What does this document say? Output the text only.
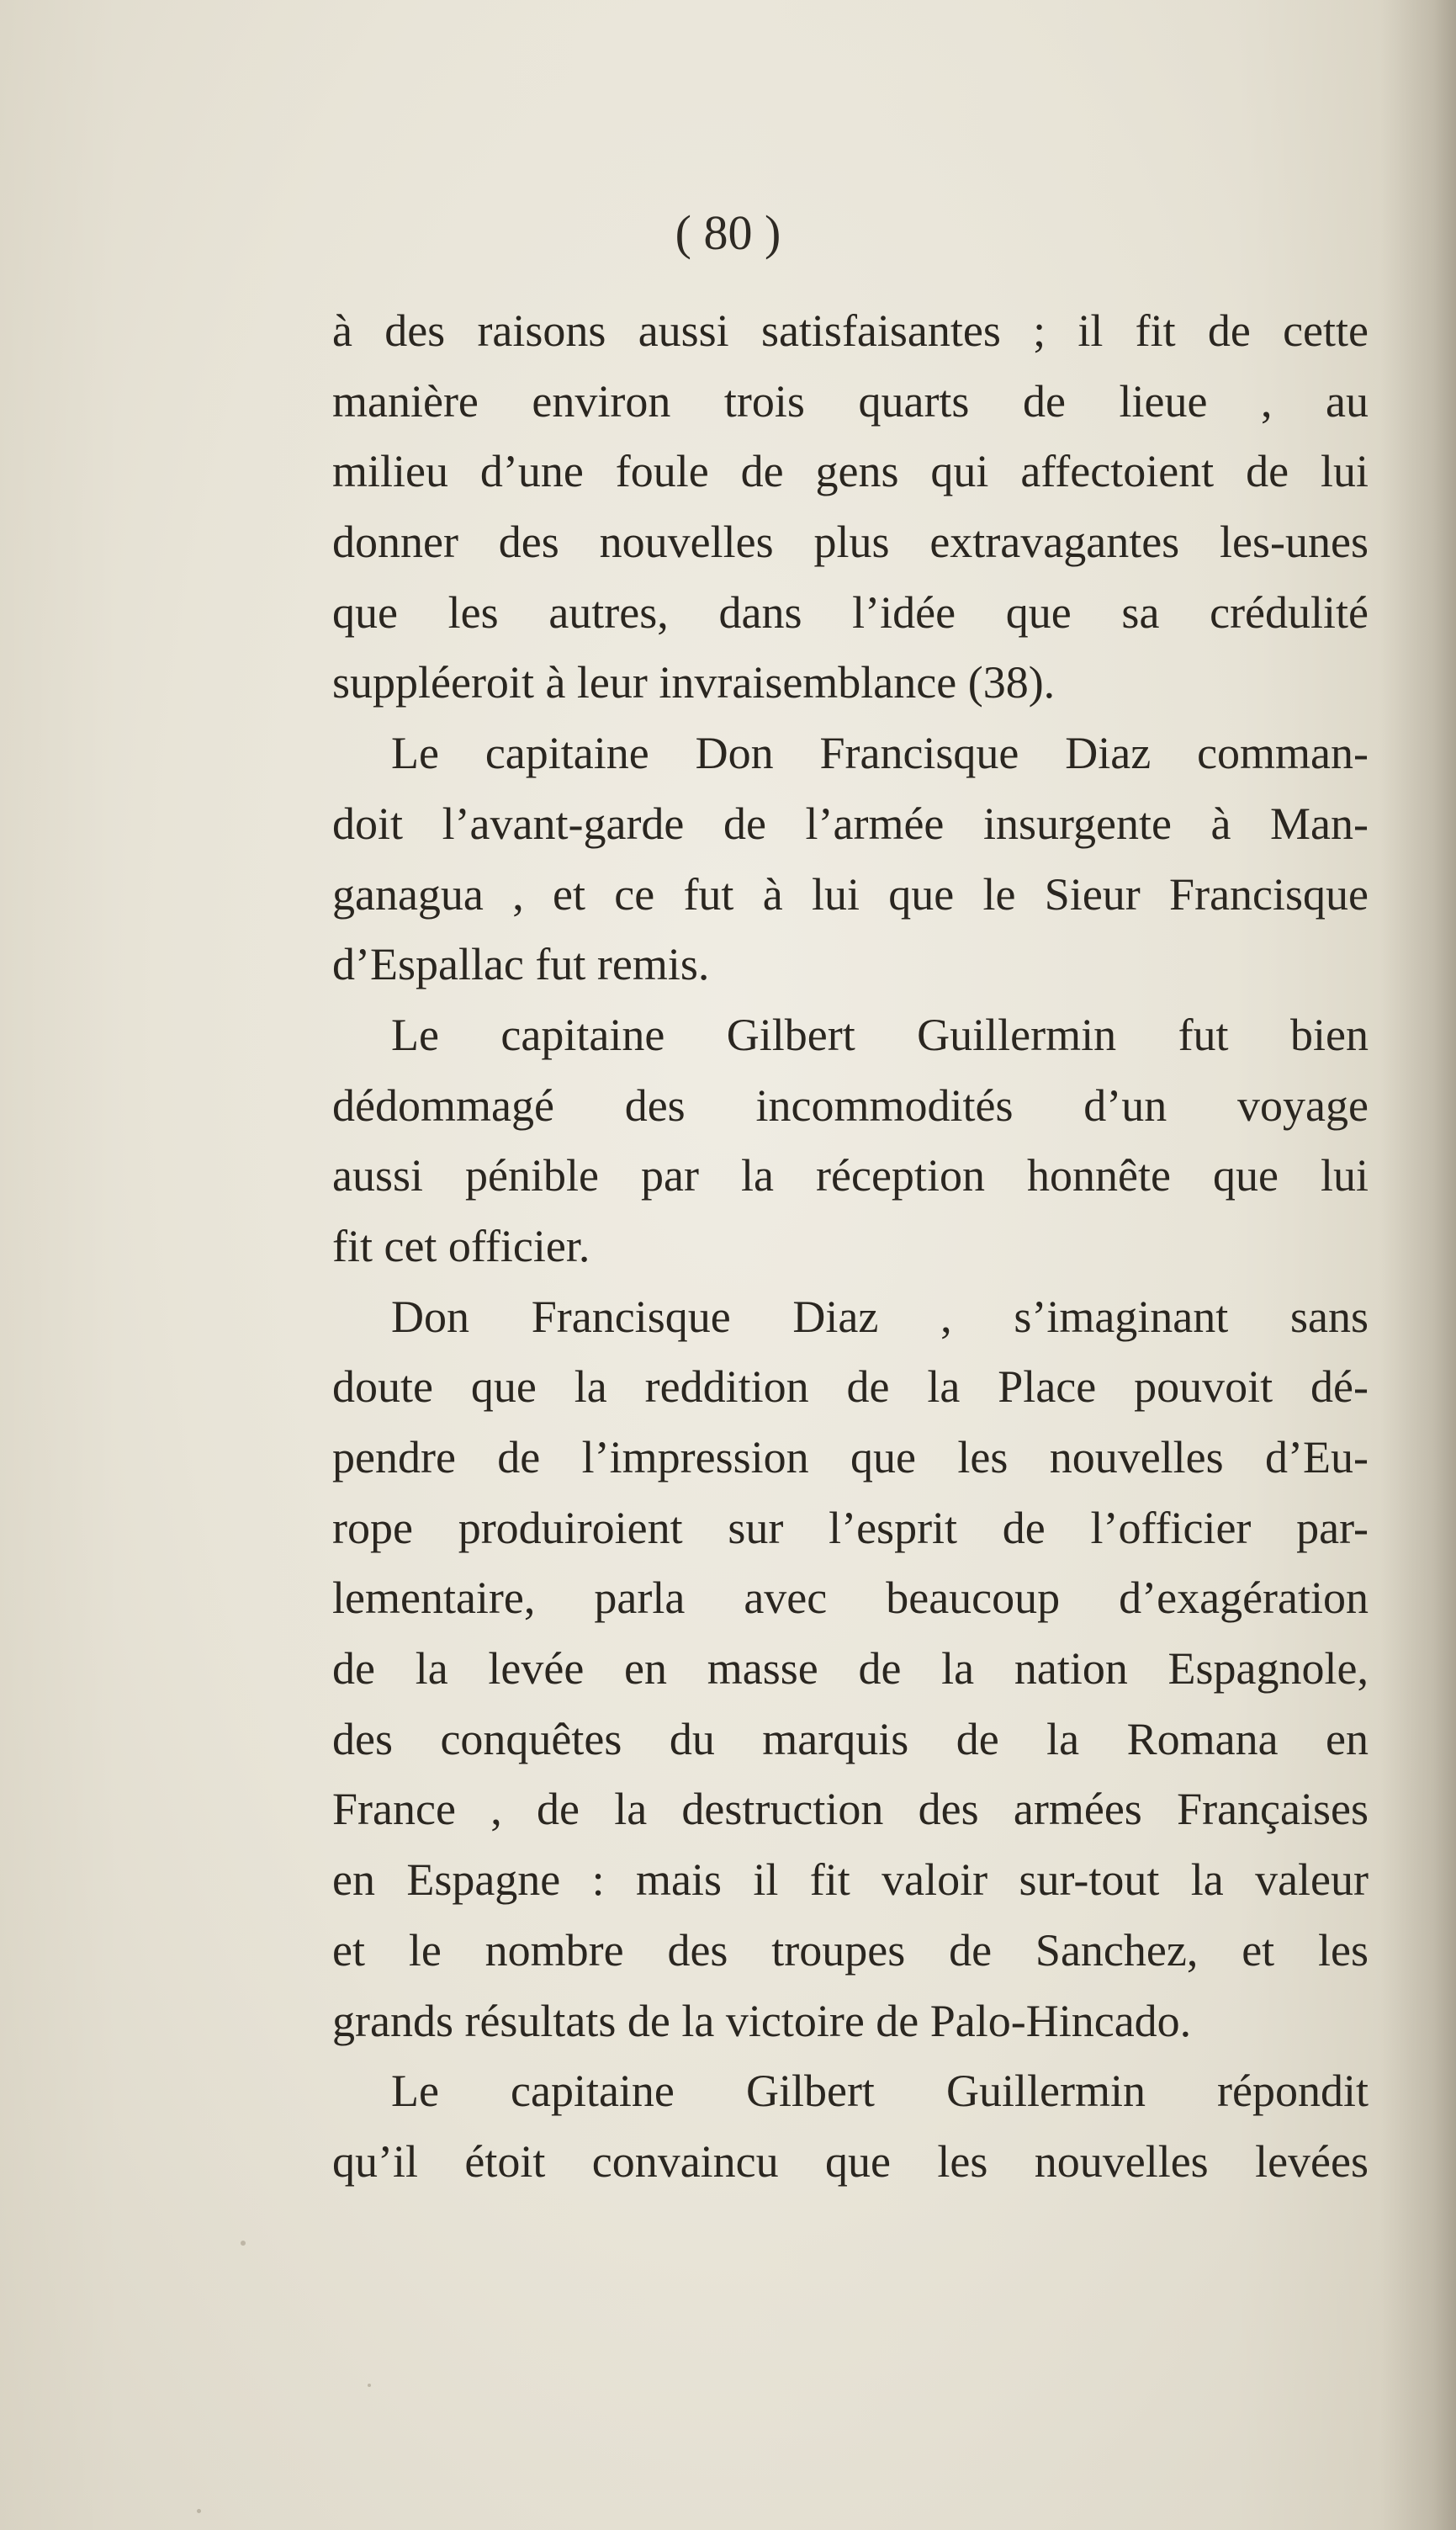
( 80 )
à des raisons aussi satisfaisantes ; il fit de cette
manière environ trois quarts de lieue , au
milieu d’une foule de gens qui affectoient de lui
donner des nouvelles plus extravagantes les-unes
que les autres, dans l’idée que sa crédulité
suppléeroit à leur invraisemblance (38).
Le capitaine Don Francisque Diaz comman-
doit l’avant-garde de l’armée insurgente à Man-
ganagua , et ce fut à lui que le Sieur Francisque
d’Espallac fut remis.
Le capitaine Gilbert Guillermin fut bien
dédommagé des incommodités d’un voyage
aussi pénible par la réception honnête que lui
fit cet officier.
Don Francisque Diaz , s’imaginant sans
doute que la reddition de la Place pouvoit dé-
pendre de l’impression que les nouvelles d’Eu-
rope produiroient sur l’esprit de l’officier par-
lementaire, parla avec beaucoup d’exagération
de la levée en masse de la nation Espagnole,
des conquêtes du marquis de la Romana en
France , de la destruction des armées Françaises
en Espagne : mais il fit valoir sur-tout la valeur
et le nombre des troupes de Sanchez, et les
grands résultats de la victoire de Palo-Hincado.
Le capitaine Gilbert Guillermin répondit
qu’il étoit convaincu que les nouvelles levées
